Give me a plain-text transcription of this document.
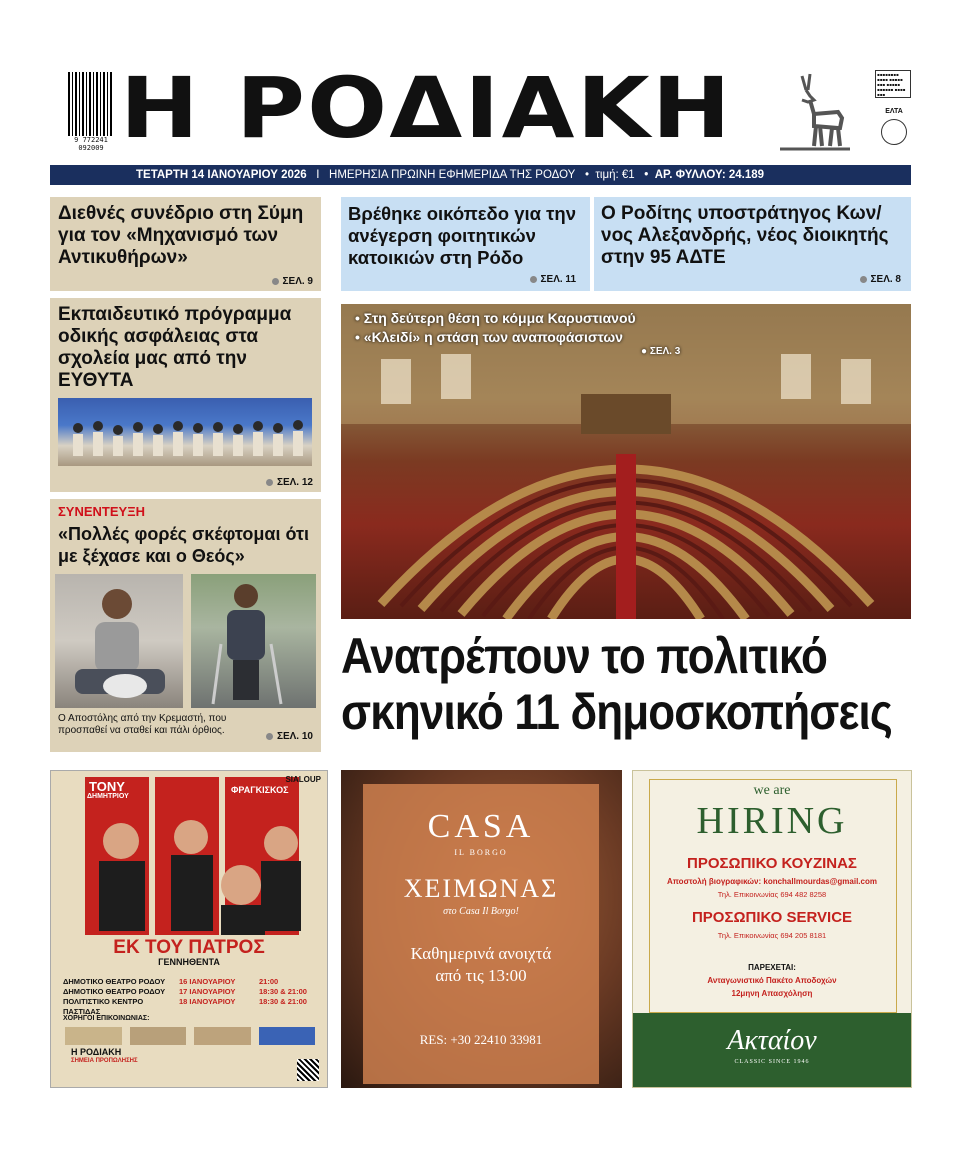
9 772241 092009 Η ΡΟΔΙΑΚΗ	▪▪▪▪▪▪▪▪ ▪▪▪▪ ▪▪▪▪▪ ▪▪▪ ▪▪▪▪▪ ▪▪▪▪▪▪ ▪▪▪▪ ▪▪▪
ΕΛΤΑ
ΤΕΤΑΡΤΗ 14 ΙΑΝΟΥΑΡΙΟΥ 2026 Ι ΗΜΕΡΗΣΙΑ ΠΡΩΙΝΗ ΕΦΗΜΕΡΙΔΑ ΤΗΣ ΡΟΔΟΥ   •  τιμή: €1   •  ΑΡ. ΦΥΛΛΟΥ: 24.189
Διεθνές συνέδριο στη Σύμη για τον «Μηχανισμό των Αντικυθήρων»
ΣΕΛ. 9
Εκπαιδευτικό πρόγραμμα οδικής ασφάλειας στα σχολεία μας από την ΕΥΘΥΤΑ
ΣΕΛ. 12
ΣΥΝΕΝΤΕΥΞΗ
«Πολλές φορές σκέφτομαι ότι με ξέχασε και ο Θεός»
Ο Αποστόλης από την Κρεμαστή, που προσπαθεί να σταθεί και πάλι όρθιος.
ΣΕΛ. 10
Βρέθηκε οικόπεδο για την ανέγερση φοιτητικών κατοικιών στη Ρόδο
ΣΕΛ. 11
Ο Ροδίτης υποστράτηγος Κων/νος Αλεξανδρής, νέος διοικητής στην 95 ΑΔΤΕ
ΣΕΛ. 8
• Στη δεύτερη θέση το κόμμα Καρυστιανού
• «Κλειδί» η στάση των αναποφάσιστων
● ΣΕΛ. 3
Ανατρέπουν το πολιτικό
σκηνικό 11 δημοσκοπήσεις
TONY
ΔΗΜΗΤΡΙΟΥ
ΦΡΑΓΚΙΣΚΟΣ
SIALOUP
ΕΚ ΤΟΥ ΠΑΤΡΟΣ
ΓΕΝΝΗΘΕΝΤΑ
ΔΗΜΟΤΙΚΟ ΘΕΑΤΡΟ ΡΟΔΟΥ	16 ΙΑΝΟΥΑΡΙΟΥ	21:00
ΔΗΜΟΤΙΚΟ ΘΕΑΤΡΟ ΡΟΔΟΥ	17 ΙΑΝΟΥΑΡΙΟΥ	18:30 & 21:00
ΠΟΛΙΤΙΣΤΙΚΟ ΚΕΝΤΡΟ ΠΑΣΤΙΔΑΣ
18 ΙΑΝΟΥΑΡΙΟΥ	18:30 & 21:00
ΧΟΡΗΓΟΙ ΕΠΙΚΟΙΝΩΝΙΑΣ:
Η ΡΟΔΙΑΚΗ
ΣΗΜΕΙΑ ΠΡΟΠΩΛΗΣΗΣ
CASA
IL BORGO
ΧΕΙΜΩΝΑΣ
στο Casa Il Borgo!
Καθημερινά ανοιχτά
από τις 13:00
RES: +30 22410 33981
we are
HIRING
ΠΡΟΣΩΠΙΚΟ ΚΟΥΖΙΝΑΣ
Αποστολή βιογραφικών: konchallmourdas@gmail.com
Τηλ. Επικοινωνίας 694 482 8258
ΠΡΟΣΩΠΙΚΟ SERVICE
Τηλ. Επικοινωνίας 694 205 8181
ΠΑΡΕΧΕΤΑΙ:
Ανταγωνιστικό Πακέτο Αποδοχών
12μηνη Απασχόληση
Ακταίον
CLASSIC SINCE 1946
